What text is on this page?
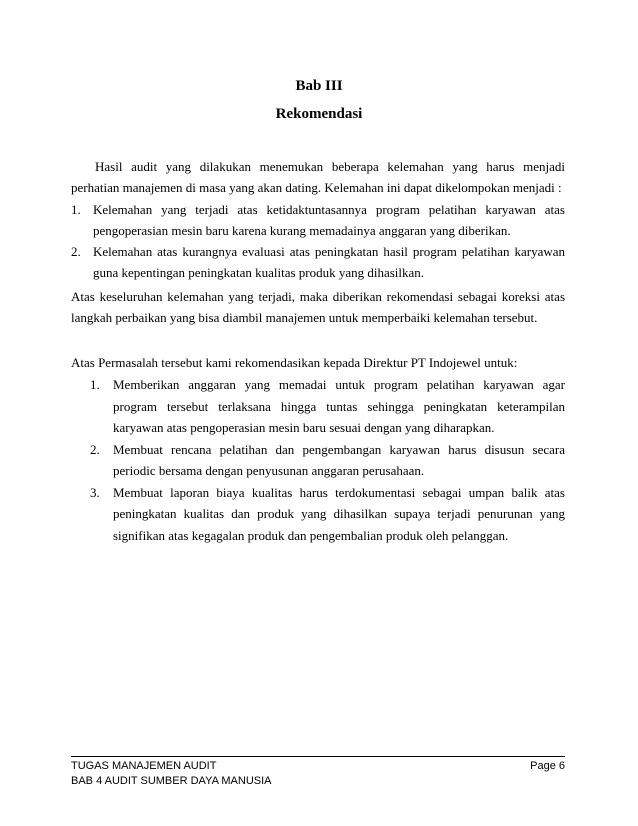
Bab III
Rekomendasi
Hasil audit yang dilakukan menemukan beberapa kelemahan yang harus menjadi perhatian manajemen di masa yang akan dating. Kelemahan ini dapat dikelompokan menjadi :
1. Kelemahan yang terjadi atas ketidaktuntasannya program pelatihan karyawan atas pengoperasian mesin baru karena kurang memadainya anggaran yang diberikan.
2. Kelemahan atas kurangnya evaluasi atas peningkatan hasil program pelatihan karyawan guna kepentingan peningkatan kualitas produk yang dihasilkan.
Atas keseluruhan kelemahan yang terjadi, maka diberikan rekomendasi sebagai koreksi atas langkah perbaikan yang bisa diambil manajemen untuk memperbaiki kelemahan tersebut.
Atas Permasalah tersebut kami rekomendasikan kepada Direktur PT Indojewel untuk:
1. Memberikan anggaran yang memadai untuk program pelatihan karyawan agar program tersebut terlaksana hingga tuntas sehingga peningkatan keterampilan karyawan atas pengoperasian mesin baru sesuai dengan yang diharapkan.
2. Membuat rencana pelatihan dan pengembangan karyawan harus disusun secara periodic bersama dengan penyusunan anggaran perusahaan.
3. Membuat laporan biaya kualitas harus terdokumentasi sebagai umpan balik atas peningkatan kualitas dan produk yang dihasilkan supaya terjadi penurunan yang signifikan atas kegagalan produk dan pengembalian produk oleh pelanggan.
TUGAS MANAJEMEN AUDIT
BAB 4 AUDIT SUMBER DAYA MANUSIA
Page 6
